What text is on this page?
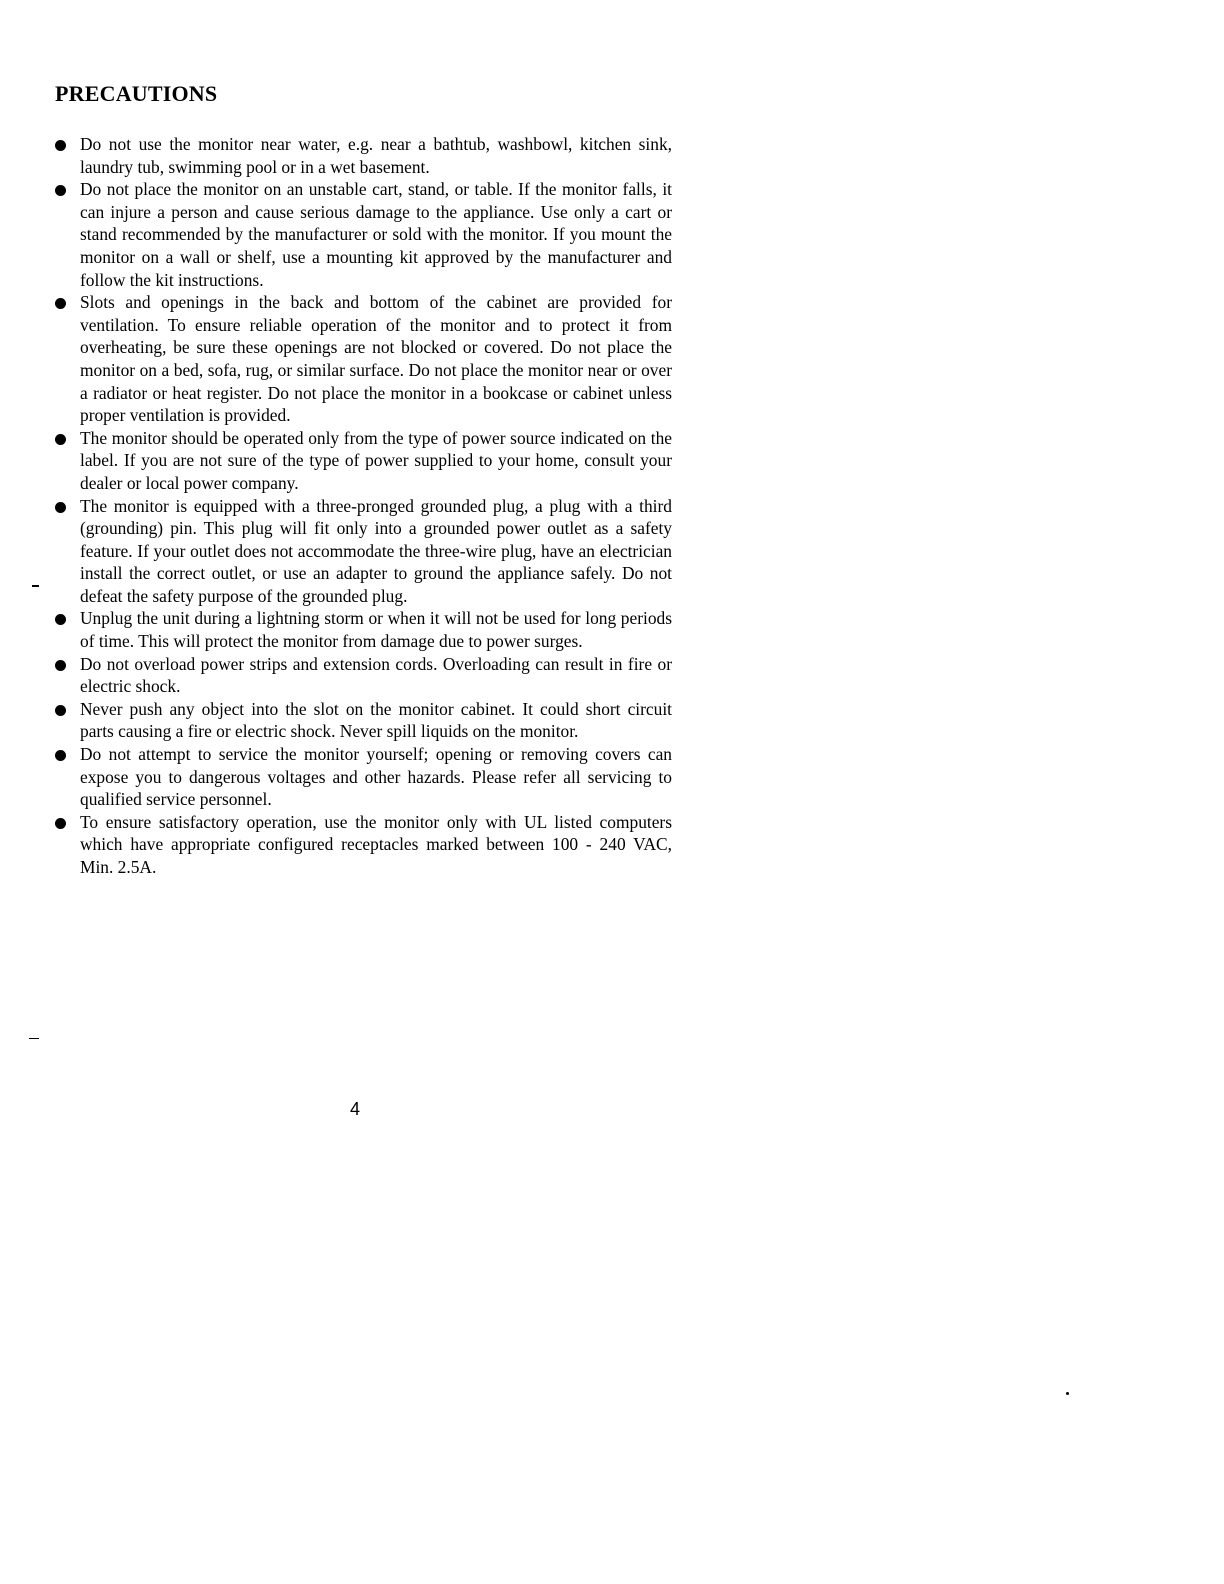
PRECAUTIONS

Do not use the monitor near water, e.g. near a bathtub, washbowl, kitchen sink, laundry tub, swimming pool or in a wet basement.

Do not place the monitor on an unstable cart, stand, or table. If the monitor falls, it can injure a person and cause serious damage to the appliance. Use only a cart or stand recommended by the manufacturer or sold with the monitor. If you mount the monitor on a wall or shelf, use a mounting kit approved by the manufacturer and follow the kit instructions.

Slots and openings in the back and bottom of the cabinet are provided for ventilation. To ensure reliable operation of the monitor and to protect it from overheating, be sure these openings are not blocked or covered. Do not place the monitor on a bed, sofa, rug, or similar surface. Do not place the monitor near or over a radiator or heat register. Do not place the monitor in a bookcase or cabinet unless proper ventilation is provided.

The monitor should be operated only from the type of power source indicated on the label. If you are not sure of the type of power supplied to your home, consult your dealer or local power company.

The monitor is equipped with a three-pronged grounded plug, a plug with a third (grounding) pin. This plug will fit only into a grounded power outlet as a safety feature. If your outlet does not accommodate the three-wire plug, have an electrician install the correct outlet, or use an adapter to ground the appliance safely. Do not defeat the safety purpose of the grounded plug.

Unplug the unit during a lightning storm or when it will not be used for long periods of time. This will protect the monitor from damage due to power surges.

Do not overload power strips and extension cords. Overloading can result in fire or electric shock.

Never push any object into the slot on the monitor cabinet. It could short circuit parts causing a fire or electric shock. Never spill liquids on the monitor.

Do not attempt to service the monitor yourself; opening or removing covers can expose you to dangerous voltages and other hazards. Please refer all servicing to qualified service personnel.

To ensure satisfactory operation, use the monitor only with UL listed computers which have appropriate configured receptacles marked between 100 - 240 VAC, Min. 2.5A.

4
